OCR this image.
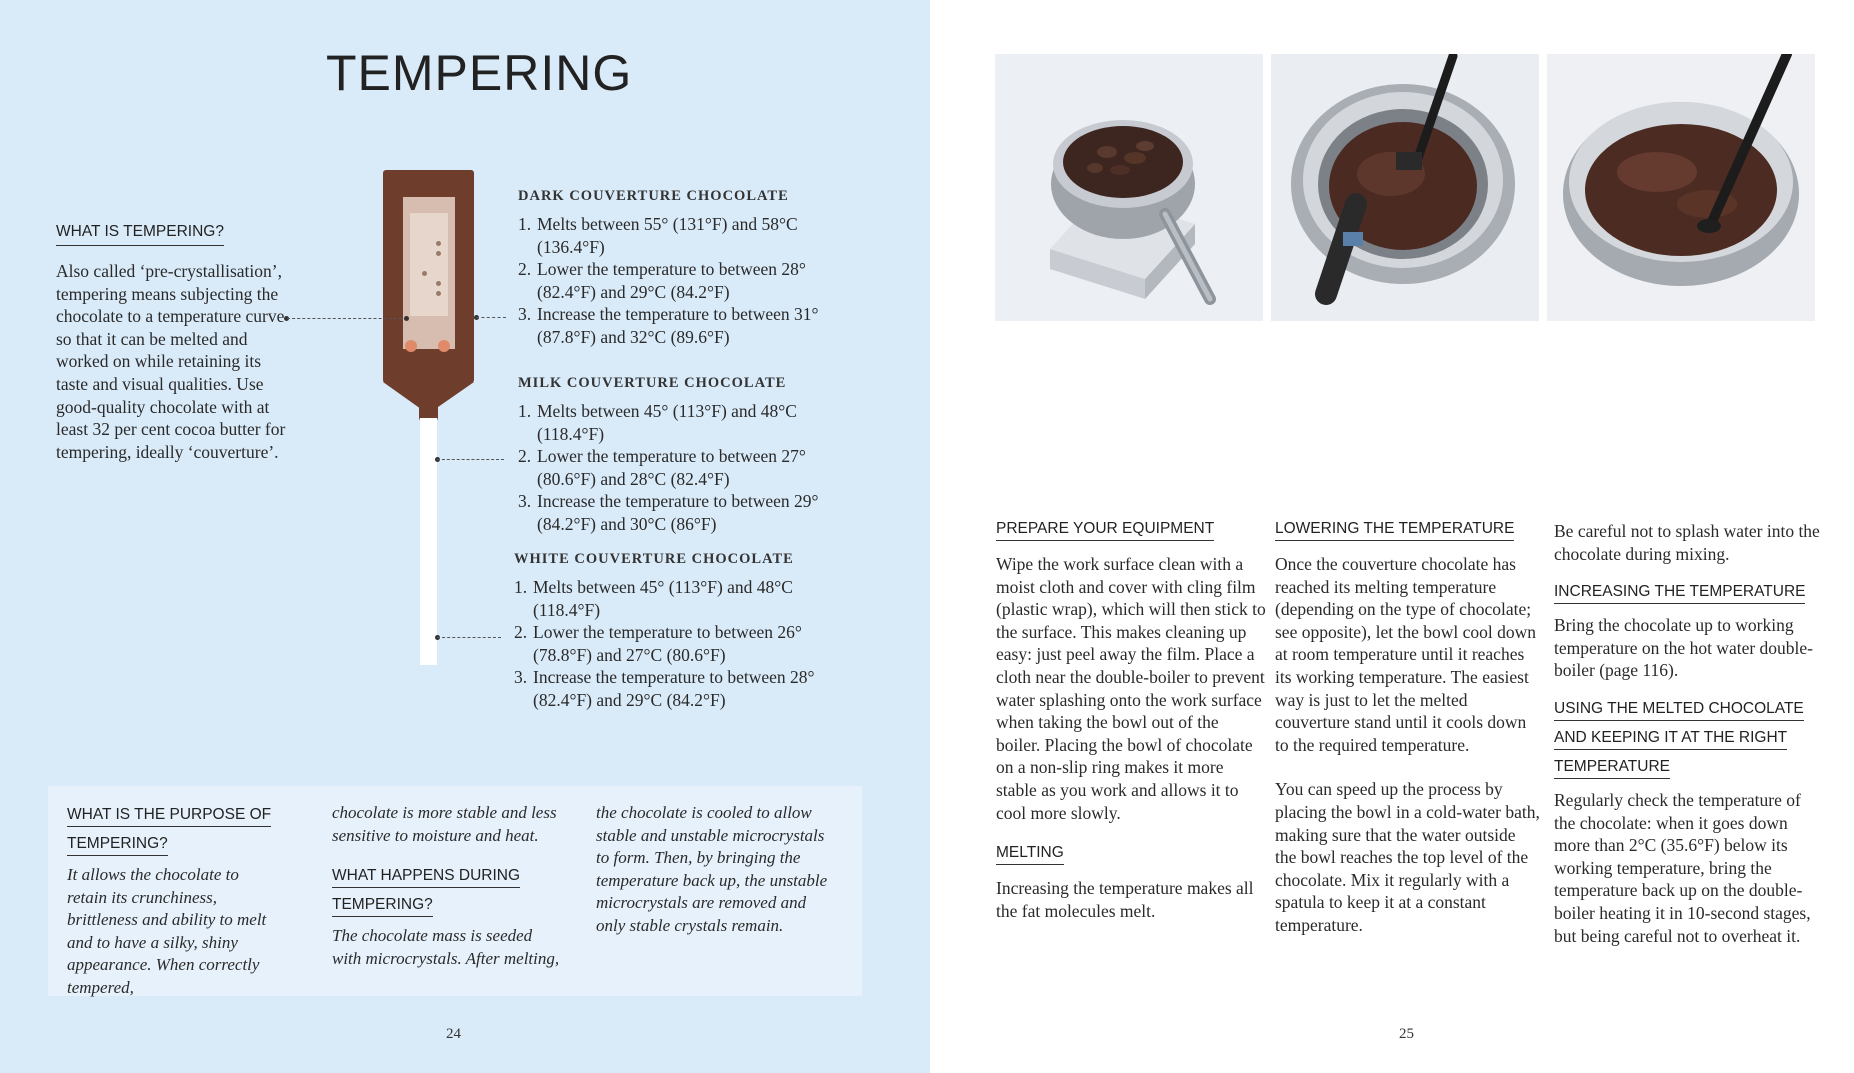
TEMPERING
WHAT IS TEMPERING?

Also called ‘pre-crystallisation’, tempering means subjecting the chocolate to a temperature curve so that it can be melted and worked on while retaining its taste and visual qualities. Use good-quality chocolate with at least 32 per cent cocoa butter for tempering, ideally ‘couverture’.

DARK COUVERTURE CHOCOLATE
1. Melts between 55° (131°F) and 58°C (136.4°F)
2. Lower the temperature to between 28° (82.4°F) and 29°C (84.2°F)
3. Increase the temperature to between 31° (87.8°F) and 32°C (89.6°F)
MILK COUVERTURE CHOCOLATE
1. Melts between 45° (113°F) and 48°C (118.4°F)
2. Lower the temperature to between 27° (80.6°F) and 28°C (82.4°F)
3. Increase the temperature to between 29° (84.2°F) and 30°C (86°F)
WHITE COUVERTURE CHOCOLATE
1. Melts between 45° (113°F) and 48°C (118.4°F)
2. Lower the temperature to between 26° (78.8°F) and 27°C (80.6°F)
3. Increase the temperature to between 28° (82.4°F) and 29°C (84.2°F)
WHAT IS THE PURPOSE OF TEMPERING?

It allows the chocolate to retain its crunchiness, brittleness and ability to melt and to have a silky, shiny appearance. When correctly tempered,

chocolate is more stable and less sensitive to moisture and heat.

WHAT HAPPENS DURING TEMPERING?

The chocolate mass is seeded with microcrystals. After melting,

the chocolate is cooled to allow stable and unstable microcrystals to form. Then, by bringing the temperature back up, the unstable microcrystals are removed and only stable crystals remain.

24
PREPARE YOUR EQUIPMENT

Wipe the work surface clean with a moist cloth and cover with cling film (plastic wrap), which will then stick to the surface. This makes cleaning up easy: just peel away the film. Place a cloth near the double-boiler to prevent water splashing onto the work surface when taking the bowl out of the boiler. Placing the bowl of chocolate on a non-slip ring makes it more stable as you work and allows it to cool more slowly.

MELTING

Increasing the temperature makes all the fat molecules melt.

LOWERING THE TEMPERATURE

Once the couverture chocolate has reached its melting temperature (depending on the type of chocolate; see opposite), let the bowl cool down at room temperature until it reaches its working temperature. The easiest way is just to let the melted couverture stand until it cools down to the required temperature.

You can speed up the process by placing the bowl in a cold-water bath, making sure that the water outside the bowl reaches the top level of the chocolate. Mix it regularly with a spatula to keep it at a constant temperature.

Be careful not to splash water into the chocolate during mixing.

INCREASING THE TEMPERATURE

Bring the chocolate up to working temperature on the hot water double-boiler (page 116).

USING THE MELTED CHOCOLATE AND KEEPING IT AT THE RIGHT TEMPERATURE

Regularly check the temperature of the chocolate: when it goes down more than 2°C (35.6°F) below its working temperature, bring the temperature back up on the double-boiler heating it in 10-second stages, but being careful not to overheat it.

25
